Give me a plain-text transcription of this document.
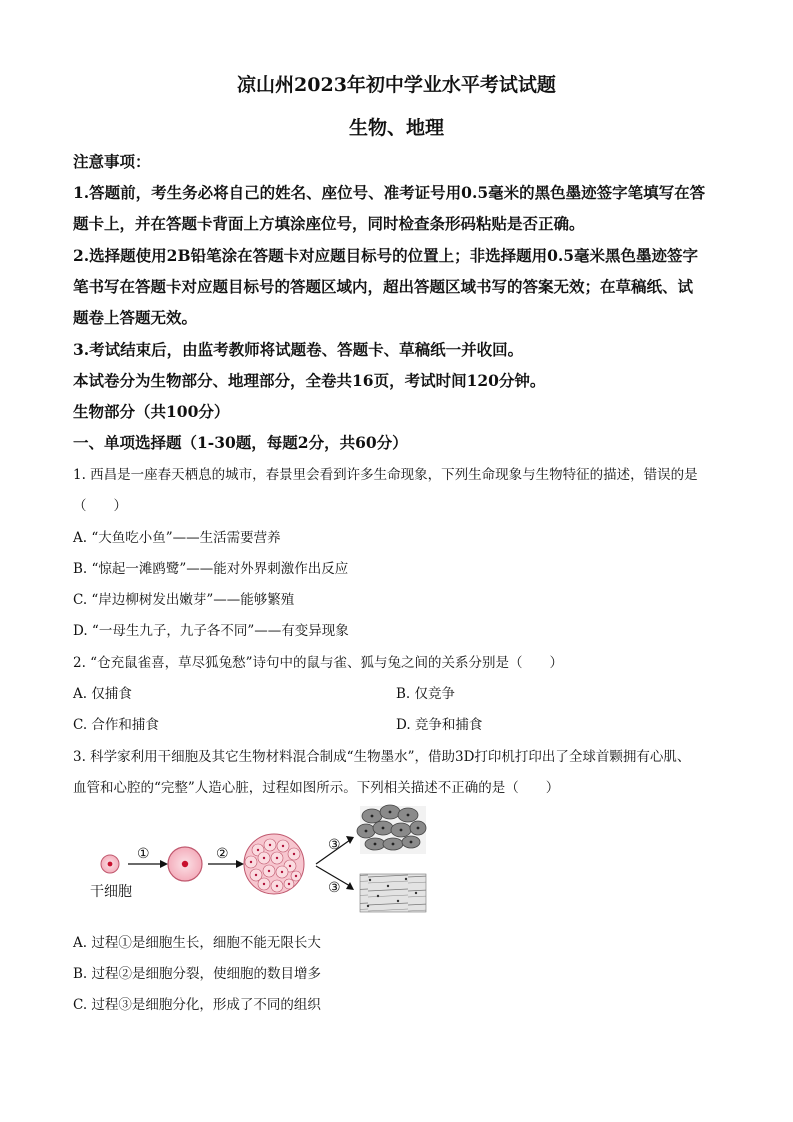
凉山州2023年初中学业水平考试试题
生物、地理
注意事项：
1.答题前，考生务必将自己的姓名、座位号、准考证号用0.5毫米的黑色墨迹签字笔填写在答
题卡上，并在答题卡背面上方填涂座位号，同时检查条形码粘贴是否正确。
2.选择题使用2B铅笔涂在答题卡对应题目标号的位置上；非选择题用0.5毫米黑色墨迹签字
笔书写在答题卡对应题目标号的答题区域内，超出答题区域书写的答案无效；在草稿纸、试
题卷上答题无效。
3.考试结束后，由监考教师将试题卷、答题卡、草稿纸一并收回。
本试卷分为生物部分、地理部分，全卷共16页，考试时间120分钟。
生物部分（共100分）
一、单项选择题（1-30题，每题2分，共60分）
1. 西昌是一座春天栖息的城市，春景里会看到许多生命现象，下列生命现象与生物特征的描述，错误的是
（　　）
A. “大鱼吃小鱼”——生活需要营养
B. “惊起一滩鸥鹭”——能对外界刺激作出反应
C. “岸边柳树发出嫩芽”——能够繁殖
D. “一母生九子，九子各不同”——有变异现象
2. “仓充鼠雀喜，草尽狐兔愁”诗句中的鼠与雀、狐与兔之间的关系分别是（　　）
A. 仅捕食	B. 仅竞争
C. 合作和捕食	D. 竞争和捕食
3. 科学家利用干细胞及其它生物材料混合制成“生物墨水”，借助3D打印机打印出了全球首颗拥有心肌、
血管和心腔的“完整”人造心脏，过程如图所示。下列相关描述不正确的是（　　）
干细胞
①	②
③
③
A. 过程①是细胞生长，细胞不能无限长大
B. 过程②是细胞分裂，使细胞的数目增多
C. 过程③是细胞分化，形成了不同的组织
